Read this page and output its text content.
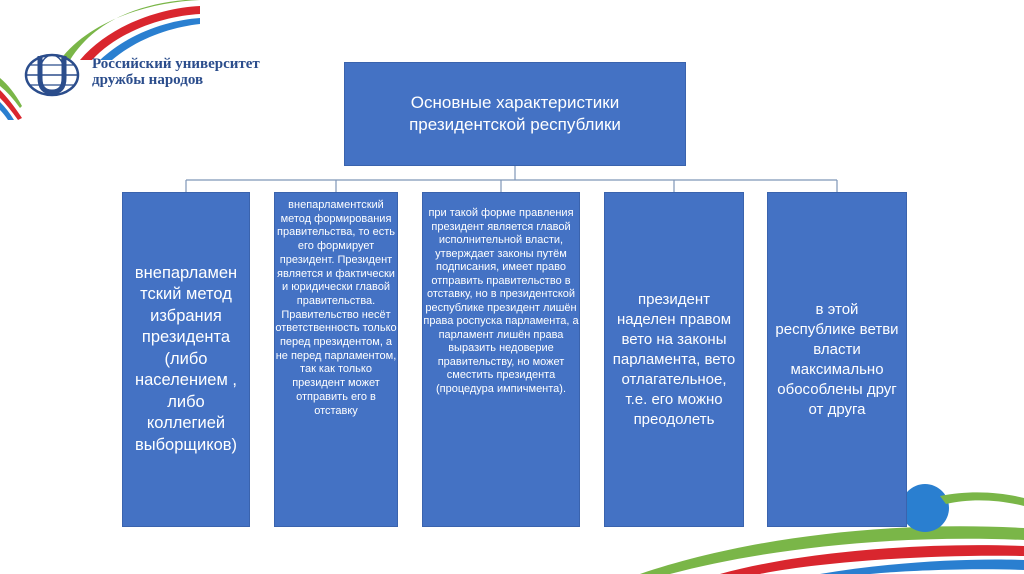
Российский университет
дружбы народов
Основные характеристики президентской республики
внепарламен тский метод избрания президента (либо населением , либо коллегией выборщиков)
внепарламентский метод формирования правительства, то есть его формирует президент. Президент является и фактически и юридически главой правительства. Правительство несёт ответственность только перед президентом, а не перед парламентом, так как только президент может отправить его в отставку
при такой форме правления президент является главой исполнительной власти, утверждает законы путём подписания, имеет право отправить правительство в отставку, но в президентской республике президент лишён права роспуска парламента, а парламент лишён права выразить недоверие правительству, но может сместить президента (процедура импичмента).
президент наделен правом вето на законы парламента, вето отлагательное, т.е. его можно преодолеть
в этой республике ветви власти максимально обособлены друг от друга
